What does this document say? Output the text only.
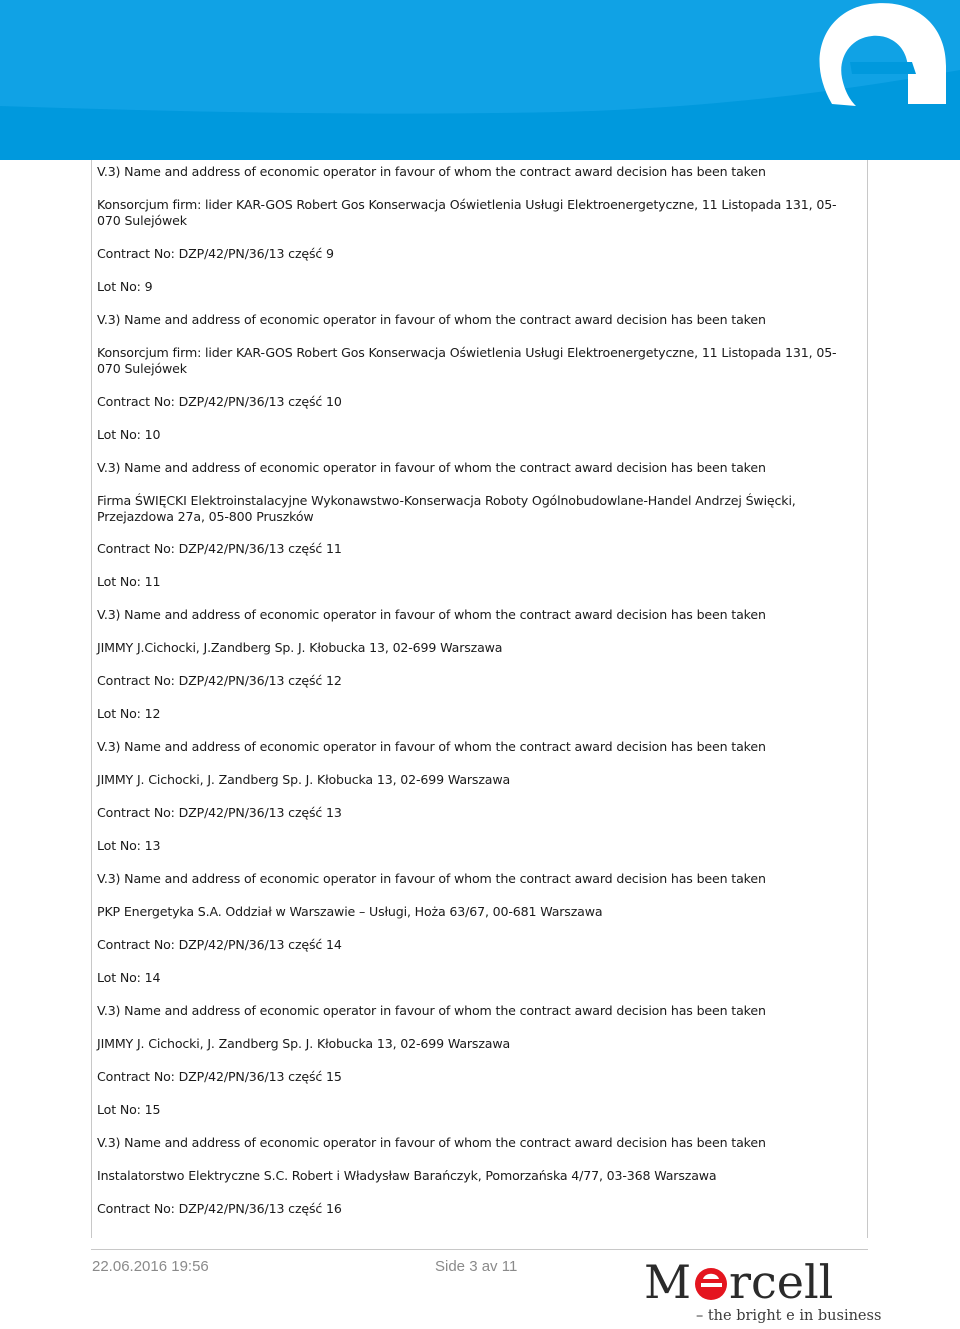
V.3) Name and address of economic operator in favour of whom the contract award decision has been taken
Konsorcjum firm: lider KAR-GOS Robert Gos Konserwacja Oświetlenia Usługi Elektroenergetyczne, 11 Listopada 131, 05-070 Sulejówek
Contract No: DZP/42/PN/36/13 część 9
Lot No: 9
V.3) Name and address of economic operator in favour of whom the contract award decision has been taken
Konsorcjum firm: lider KAR-GOS Robert Gos Konserwacja Oświetlenia Usługi Elektroenergetyczne, 11 Listopada 131, 05-070 Sulejówek
Contract No: DZP/42/PN/36/13 część 10
Lot No: 10
V.3) Name and address of economic operator in favour of whom the contract award decision has been taken
Firma ŚWIĘCKI Elektroinstalacyjne Wykonawstwo-Konserwacja Roboty Ogólnobudowlane-Handel Andrzej Święcki, Przejazdowa 27a, 05-800 Pruszków
Contract No: DZP/42/PN/36/13 część 11
Lot No: 11
V.3) Name and address of economic operator in favour of whom the contract award decision has been taken
JIMMY J.Cichocki, J.Zandberg Sp. J. Kłobucka 13, 02-699 Warszawa
Contract No: DZP/42/PN/36/13 część 12
Lot No: 12
V.3) Name and address of economic operator in favour of whom the contract award decision has been taken
JIMMY J. Cichocki, J. Zandberg Sp. J. Kłobucka 13, 02-699 Warszawa
Contract No: DZP/42/PN/36/13 część 13
Lot No: 13
V.3) Name and address of economic operator in favour of whom the contract award decision has been taken
PKP Energetyka S.A. Oddział w Warszawie – Usługi, Hoża 63/67, 00-681 Warszawa
Contract No: DZP/42/PN/36/13 część 14
Lot No: 14
V.3) Name and address of economic operator in favour of whom the contract award decision has been taken
JIMMY J. Cichocki, J. Zandberg Sp. J. Kłobucka 13, 02-699 Warszawa
Contract No: DZP/42/PN/36/13 część 15
Lot No: 15
V.3) Name and address of economic operator in favour of whom the contract award decision has been taken
Instalatorstwo Elektryczne S.C. Robert i Władysław Barańczyk, Pomorzańska 4/77, 03-368 Warszawa
Contract No: DZP/42/PN/36/13 część 16
22.06.2016 19:56	Side 3 av 11	M rcell
– the bright e in business
